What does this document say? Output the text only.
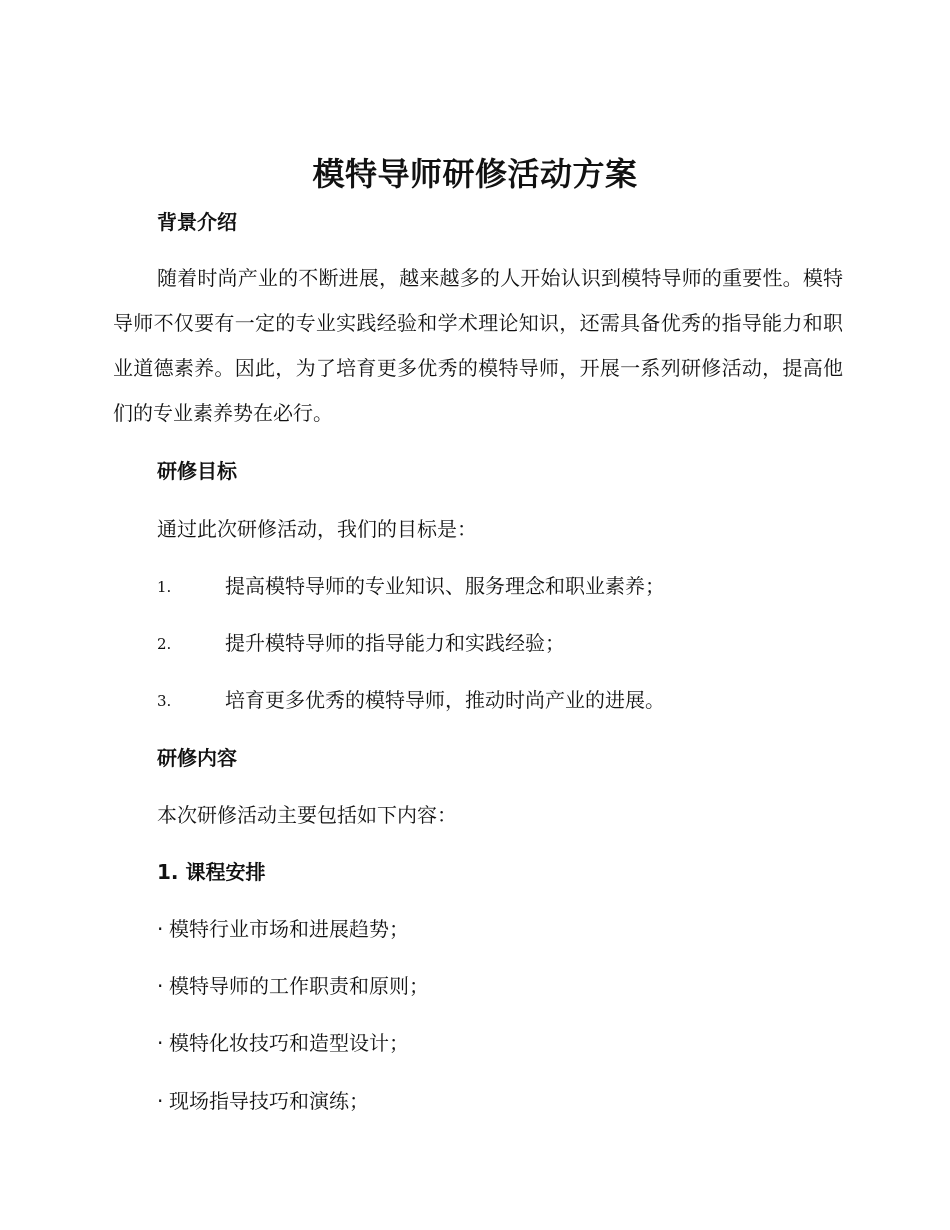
模特导师研修活动方案
背景介绍

随着时尚产业的不断进展，越来越多的人开始认识到模特导师的重要性。模特导师不仅要有一定的专业实践经验和学术理论知识，还需具备优秀的指导能力和职业道德素养。因此，为了培育更多优秀的模特导师，开展一系列研修活动，提高他们的专业素养势在必行。

研修目标
通过此次研修活动，我们的目标是：
1.	提高模特导师的专业知识、服务理念和职业素养；
2.	提升模特导师的指导能力和实践经验；
3.	培育更多优秀的模特导师，推动时尚产业的进展。
研修内容
本次研修活动主要包括如下内容：
1. 课程安排
· 模特行业市场和进展趋势；
· 模特导师的工作职责和原则；
· 模特化妆技巧和造型设计；
· 现场指导技巧和演练；
